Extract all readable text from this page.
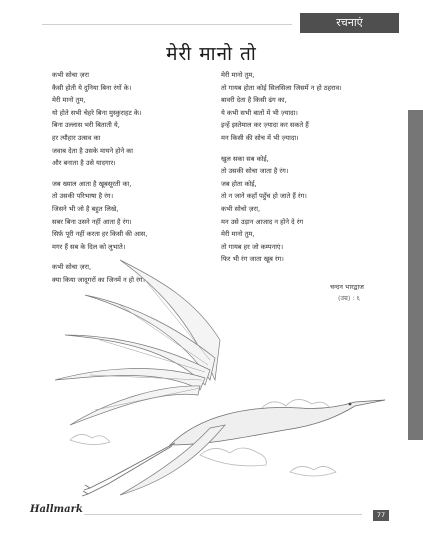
रचनाएं
मेरी मानो तो
कभी सोचा ज़रा
कैसी होती ये दुनिया बिना रंगों के।
मेरी मानो तुम,
यो होते सभी चेहरे बिना मुस्कुराहट के।
बिना उल्लास भरी बिताती ये,
हर त्यौहार उत्सव का
जवाब देता है उसके मायने होने का
और बनाता है उसे यादगार।
जब ख्याल आता है खूबसूरती का,
तो उसकी परिभाषा है रंग।
जिसने भी जो है बहुत लिखे,
सबर बिना उसने नहीं आता है रंग।
सिर्फ़ पूरी नहीं करता हर किसी की आस,
मगर हैं सब के दिल को लुभाते।
कभी सोचा ज़रा,
क्या किया जादूगरों का जिनमें न हो रंग।
मेरी मानो तुम,
तो गायब होता कोई सिलसिला जिसमें न हो ठहराव।
बावरी देता है किसी ढंग का,
ये कभी सभी बातों में भी ज़्यादा।
इन्हें इस्तेमाल कर ज़्यादा कर सकते हैं
मन किसी की सोच में भी ज़्यादा।
खुल सका सब कोई,
तो उसकी सोचा जाता है रंग।
जब होता कोई,
तो न जाने कहाँ पहुँच हो जाते हैं रंग।
कभी सोचो ज़रा,
मन उसे उड़ान आजाद न होने दे रंग
मेरी मानो तुम,
तो गायब हर जो कम्पनाएं।
फिर भी रंग जाता खूब रंग।
चन्दन भारद्वाज
(उम्र) : ६
Hallmark	77
